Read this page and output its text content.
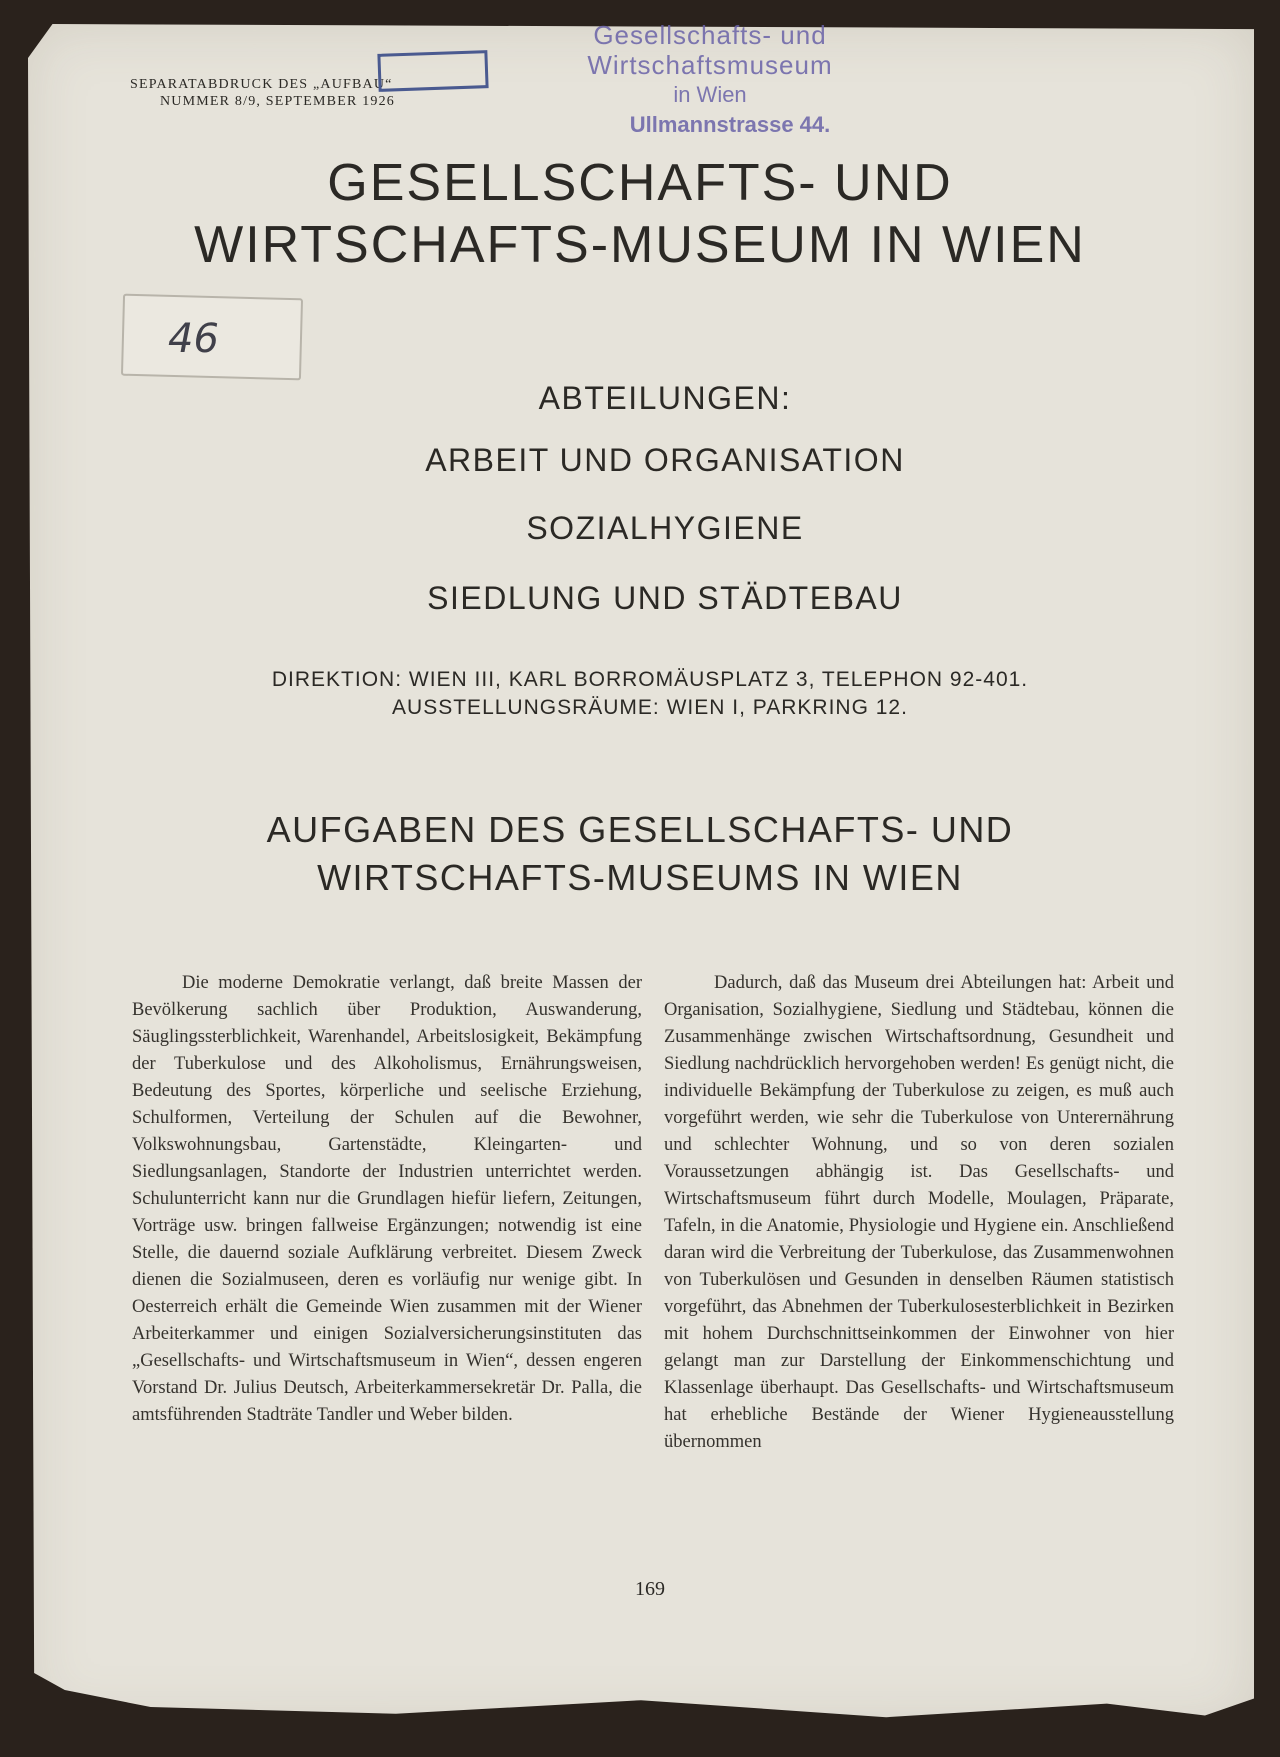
SEPARATABDRUCK DES „AUFBAU“
NUMMER 8/9, SEPTEMBER 1926
Gesellschafts- und
Wirtschaftsmuseum
in Wien
Ullmannstrasse 44.
GESELLSCHAFTS- UND WIRTSCHAFTS-MUSEUM IN WIEN
46
ABTEILUNGEN:
ARBEIT UND ORGANISATION
SOZIALHYGIENE
SIEDLUNG UND STÄDTEBAU
DIREKTION: WIEN III, KARL BORROMÄUSPLATZ 3, TELEPHON 92-401.
AUSSTELLUNGSRÄUME: WIEN I, PARKRING 12.
AUFGABEN DES GESELLSCHAFTS- UND WIRTSCHAFTS-MUSEUMS IN WIEN

Die moderne Demokratie verlangt, daß breite Massen der Bevölkerung sachlich über Produktion, Auswanderung, Säuglingssterblichkeit, Warenhandel, Arbeitslosigkeit, Bekämpfung der Tuberkulose und des Alkoholismus, Ernährungsweisen, Bedeutung des Sportes, körperliche und seelische Erziehung, Schulformen, Verteilung der Schulen auf die Bewohner, Volkswohnungsbau, Gartenstädte, Kleingarten- und Siedlungsanlagen, Standorte der Industrien unterrichtet werden. Schulunterricht kann nur die Grundlagen hiefür liefern, Zeitungen, Vorträge usw. bringen fallweise Ergänzungen; notwendig ist eine Stelle, die dauernd soziale Aufklärung verbreitet. Diesem Zweck dienen die Sozialmuseen, deren es vorläufig nur wenige gibt. In Oesterreich erhält die Gemeinde Wien zusammen mit der Wiener Arbeiterkammer und einigen Sozialversicherungsinstituten das „Gesellschafts- und Wirtschaftsmuseum in Wien“, dessen engeren Vorstand Dr. Julius Deutsch, Arbeiterkammersekretär Dr. Palla, die amtsführenden Stadträte Tandler und Weber bilden.

Dadurch, daß das Museum drei Abteilungen hat: Arbeit und Organisation, Sozialhygiene, Siedlung und Städtebau, können die Zusammenhänge zwischen Wirtschaftsordnung, Gesundheit und Siedlung nachdrücklich hervorgehoben werden! Es genügt nicht, die individuelle Bekämpfung der Tuberkulose zu zeigen, es muß auch vorgeführt werden, wie sehr die Tuberkulose von Unterernährung und schlechter Wohnung, und so von deren sozialen Voraussetzungen abhängig ist. Das Gesellschafts- und Wirtschaftsmuseum führt durch Modelle, Moulagen, Präparate, Tafeln, in die Anatomie, Physiologie und Hygiene ein. Anschließend daran wird die Verbreitung der Tuberkulose, das Zusammenwohnen von Tuberkulösen und Gesunden in denselben Räumen statistisch vorgeführt, das Abnehmen der Tuberkulosesterblichkeit in Bezirken mit hohem Durchschnittseinkommen der Einwohner von hier gelangt man zur Darstellung der Einkommenschichtung und Klassenlage überhaupt. Das Gesellschafts- und Wirtschaftsmuseum hat erhebliche Bestände der Wiener Hygieneausstellung übernommen

169
